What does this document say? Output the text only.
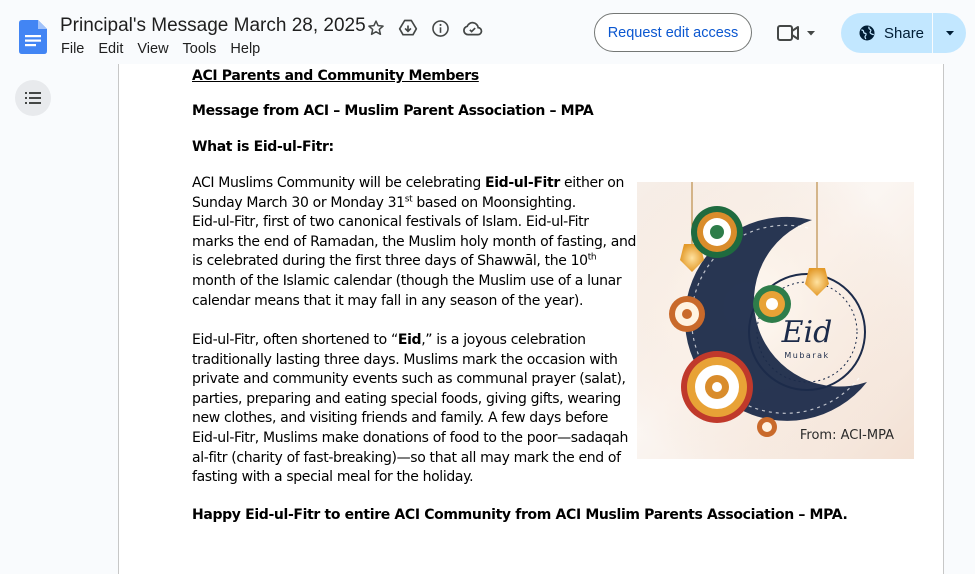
Principal's Message March 28, 2025
File Edit View Tools Help
Request edit access	Share
ACI Parents and Community Members
Message from ACI – Muslim Parent Association – MPA
What is Eid-ul-Fitr:
ACI Muslims Community will be celebrating Eid-ul-Fitr either on
Sunday March 30 or Monday 31st based on Moonsighting.
Eid-ul-Fitr, first of two canonical festivals of Islam. Eid-ul-Fitr
marks the end of Ramadan, the Muslim holy month of fasting, and
is celebrated during the first three days of Shawwāl, the 10th
month of the Islamic calendar (though the Muslim use of a lunar
calendar means that it may fall in any season of the year).
Eid-ul-Fitr, often shortened to “Eid,” is a joyous celebration
traditionally lasting three days. Muslims mark the occasion with
private and community events such as communal prayer (salat),
parties, preparing and eating special foods, giving gifts, wearing
new clothes, and visiting friends and family. A few days before
Eid-ul-Fitr, Muslims make donations of food to the poor—sadaqah
al-fitr (charity of fast-breaking)—so that all may mark the end of
fasting with a special meal for the holiday.
Happy Eid-ul-Fitr to entire ACI Community from ACI Muslim Parents Association – MPA.
Eid
Mubarak
From: ACI-MPA
